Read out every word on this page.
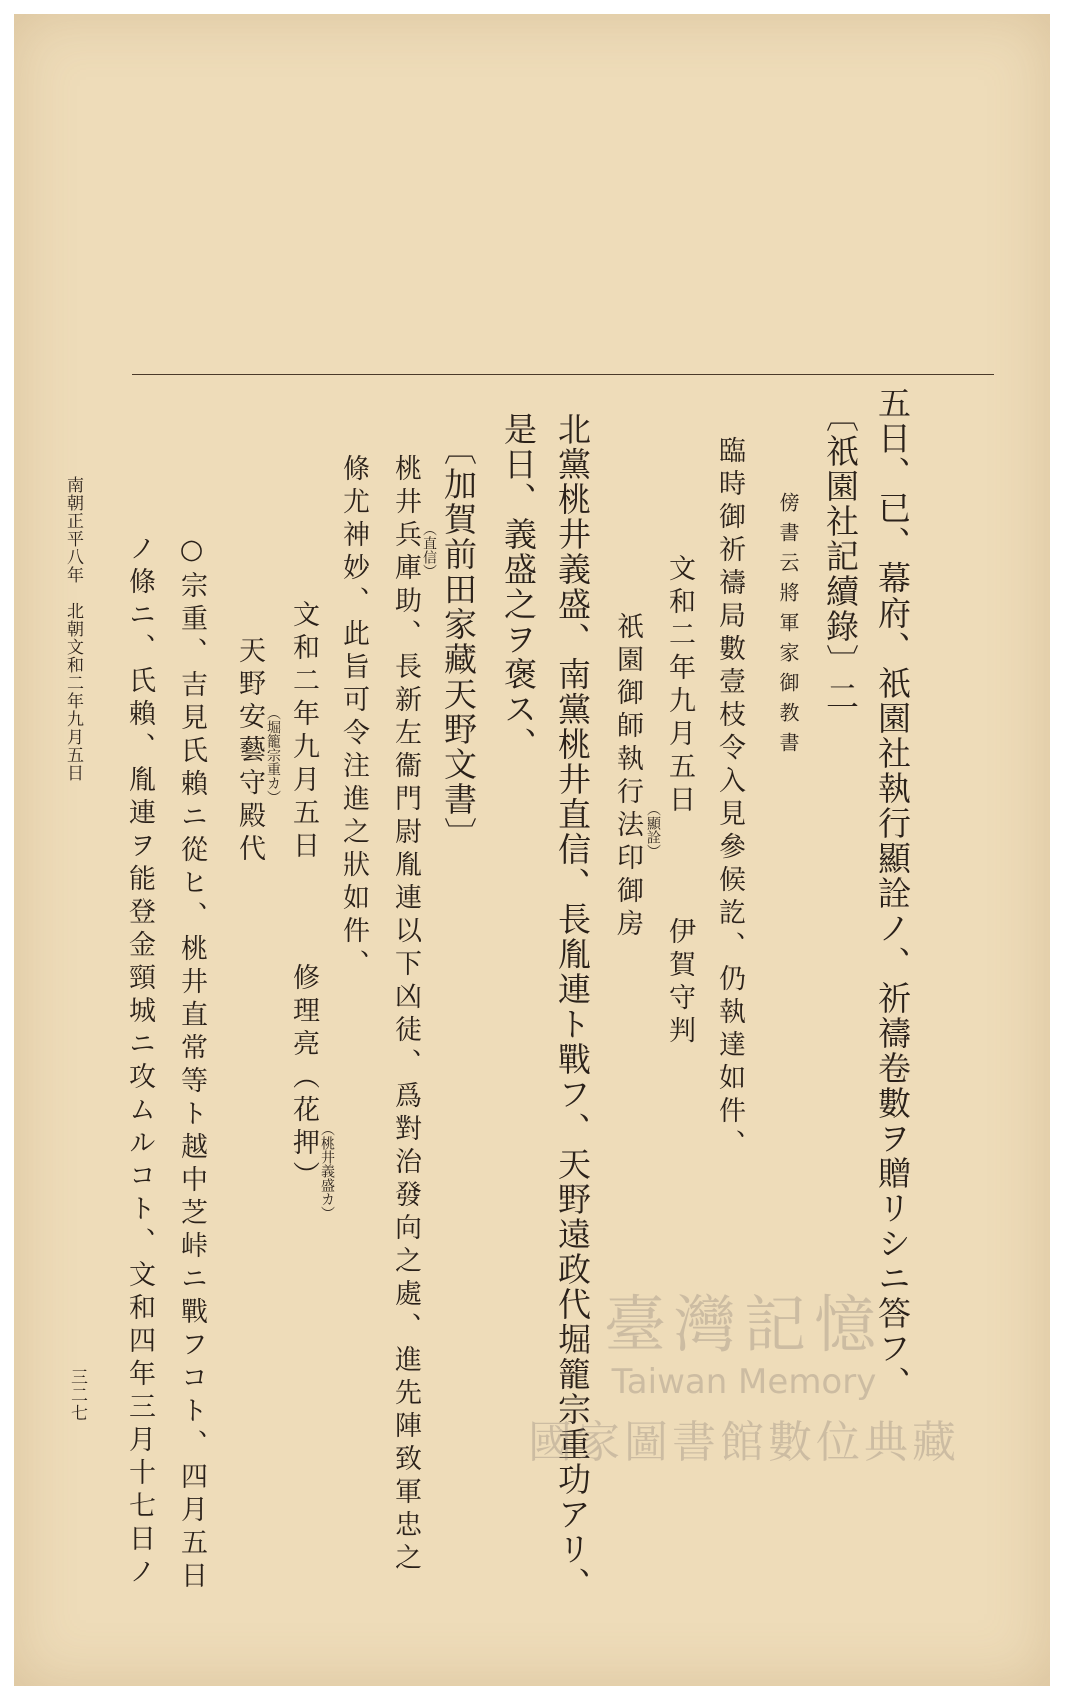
五日、已、幕府、祇園社執行顯詮ノ、祈禱卷數ヲ贈リシニ答フ、
〔祇園社記續錄〕二
傍書云將軍家御教書
臨時御祈禱局數壹枝令入見參候訖、仍執達如件、
文和二年九月五日　　　伊賀守判
祇園御師執行法印御房 （顯詮）
北黨桃井義盛、南黨桃井直信、長胤連ト戰フ、天野遠政代堀籠宗重功アリ、
是日、義盛之ヲ褒ス、
〔加賀前田家藏天野文書〕
桃井兵庫助、長新左衞門尉胤連以下凶徒、爲對治發向之處、進先陣致軍忠之 （直信）
條尤神妙、此旨可令注進之狀如件、
文和二年九月五日　　　修理亮（花押） （桃井義盛カ）
天野安藝守殿代 （堀籠宗重カ）
○宗重、吉見氏賴ニ從ヒ、桃井直常等ト越中芝峠ニ戰フコト、四月五日
ノ條ニ、氏賴、胤連ヲ能登金頸城ニ攻ムルコト、文和四年三月十七日ノ
南朝正平八年　北朝文和二年九月五日
三二七
臺灣記憶
Taiwan Memory
國家圖書館數位典藏
